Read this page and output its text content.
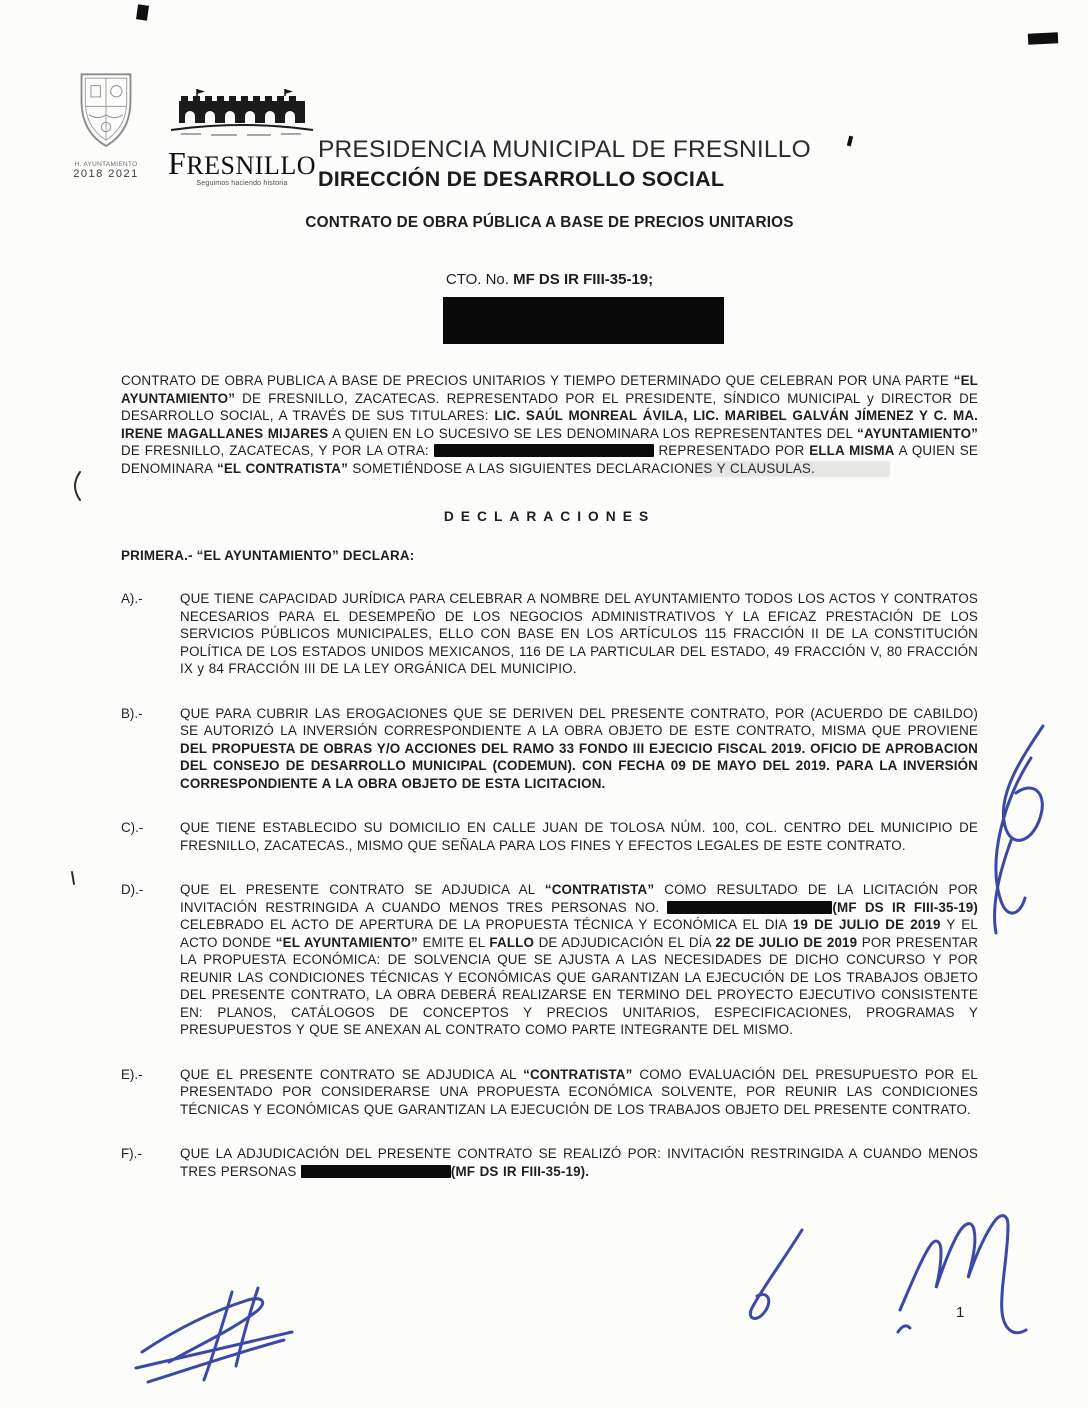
H. AYUNTAMIENTO
2018 2021 FRESNILLO
Seguimos haciendo historia
PRESIDENCIA MUNICIPAL DE FRESNILLO
DIRECCIÓN DE DESARROLLO SOCIAL
CONTRATO DE OBRA PÚBLICA A BASE DE PRECIOS UNITARIOS
CTO. No. MF DS IR FIII-35-19;
CONTRATO DE OBRA PUBLICA A BASE DE PRECIOS UNITARIOS Y TIEMPO DETERMINADO QUE CELEBRAN POR UNA PARTE “EL AYUNTAMIENTO” DE FRESNILLO, ZACATECAS. REPRESENTADO POR EL PRESIDENTE, SÍNDICO MUNICIPAL y DIRECTOR DE DESARROLLO SOCIAL, A TRAVÉS DE SUS TITULARES: LIC. SAÚL MONREAL ÁVILA, LIC. MARIBEL GALVÁN JÍMENEZ Y C. MA. IRENE MAGALLANES MIJARES A QUIEN EN LO SUCESIVO SE LES DENOMINARA LOS REPRESENTANTES DEL “AYUNTAMIENTO” DE FRESNILLO, ZACATECAS, Y POR LA OTRA:	REPRESENTADO POR ELLA MISMA A QUIEN SE DENOMINARA “EL CONTRATISTA” SOMETIÉNDOSE A LAS SIGUIENTES DECLARACIONES Y CLAUSULAS.
DECLARACIONES
PRIMERA.- “EL AYUNTAMIENTO” DECLARA:
A).-	QUE TIENE CAPACIDAD JURÍDICA PARA CELEBRAR A NOMBRE DEL AYUNTAMIENTO TODOS LOS ACTOS Y CONTRATOS NECESARIOS PARA EL DESEMPEÑO DE LOS NEGOCIOS ADMINISTRATIVOS Y LA EFICAZ PRESTACIÓN DE LOS SERVICIOS PÚBLICOS MUNICIPALES, ELLO CON BASE EN LOS ARTÍCULOS 115 FRACCIÓN II DE LA CONSTITUCIÓN POLÍTICA DE LOS ESTADOS UNIDOS MEXICANOS, 116 DE LA PARTICULAR DEL ESTADO, 49 FRACCIÓN V, 80 FRACCIÓN IX y 84 FRACCIÓN III DE LA LEY ORGÁNICA DEL MUNICIPIO.
B).-	QUE PARA CUBRIR LAS EROGACIONES QUE SE DERIVEN DEL PRESENTE CONTRATO, POR (ACUERDO DE CABILDO) SE AUTORIZÓ LA INVERSIÓN CORRESPONDIENTE A LA OBRA OBJETO DE ESTE CONTRATO, MISMA QUE PROVIENE DEL PROPUESTA DE OBRAS Y/O ACCIONES DEL RAMO 33 FONDO III EJECICIO FISCAL 2019. OFICIO DE APROBACION DEL CONSEJO DE DESARROLLO MUNICIPAL (CODEMUN). CON FECHA 09 DE MAYO DEL 2019. PARA LA INVERSIÓN CORRESPONDIENTE A LA OBRA OBJETO DE ESTA LICITACION.
C).-	QUE TIENE ESTABLECIDO SU DOMICILIO EN CALLE JUAN DE TOLOSA NÚM. 100, COL. CENTRO DEL MUNICIPIO DE FRESNILLO, ZACATECAS., MISMO QUE SEÑALA PARA LOS FINES Y EFECTOS LEGALES DE ESTE CONTRATO.
D).-	QUE EL PRESENTE CONTRATO SE ADJUDICA AL “CONTRATISTA” COMO RESULTADO DE LA LICITACIÓN POR INVITACIÓN RESTRINGIDA A CUANDO MENOS TRES PERSONAS NO.	(MF DS IR FIII-35-19) CELEBRADO EL ACTO DE APERTURA DE LA PROPUESTA TÉCNICA Y ECONÓMICA EL DIA 19 DE JULIO DE 2019 Y EL ACTO DONDE “EL AYUNTAMIENTO” EMITE EL FALLO DE ADJUDICACIÓN EL DÍA 22 DE JULIO DE 2019 POR PRESENTAR LA PROPUESTA ECONÓMICA: DE SOLVENCIA QUE SE AJUSTA A LAS NECESIDADES DE DICHO CONCURSO Y POR REUNIR LAS CONDICIONES TÉCNICAS Y ECONÓMICAS QUE GARANTIZAN LA EJECUCIÓN DE LOS TRABAJOS OBJETO DEL PRESENTE CONTRATO, LA OBRA DEBERÁ REALIZARSE EN TERMINO DEL PROYECTO EJECUTIVO CONSISTENTE EN: PLANOS, CATÁLOGOS DE CONCEPTOS Y PRECIOS UNITARIOS, ESPECIFICACIONES, PROGRAMAS Y PRESUPUESTOS Y QUE SE ANEXAN AL CONTRATO COMO PARTE INTEGRANTE DEL MISMO.
E).-	QUE EL PRESENTE CONTRATO SE ADJUDICA AL “CONTRATISTA” COMO EVALUACIÓN DEL PRESUPUESTO POR EL PRESENTADO POR CONSIDERARSE UNA PROPUESTA ECONÓMICA SOLVENTE, POR REUNIR LAS CONDICIONES TÉCNICAS Y ECONÓMICAS QUE GARANTIZAN LA EJECUCIÓN DE LOS TRABAJOS OBJETO DEL PRESENTE CONTRATO.
F).-	QUE LA ADJUDICACIÓN DEL PRESENTE CONTRATO SE REALIZÓ POR: INVITACIÓN RESTRINGIDA A CUANDO MENOS TRES PERSONAS	(MF DS IR FIII-35-19).
1
